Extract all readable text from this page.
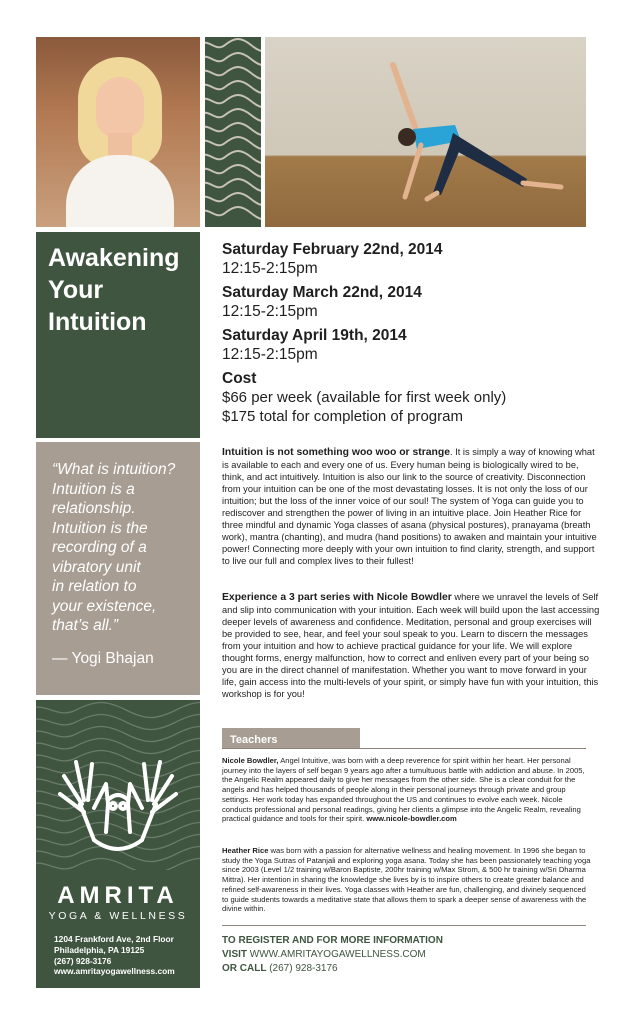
Awakening Your Intuition
“What is intuition?
Intuition is a
relationship.
Intuition is the
recording of a
vibratory unit
in relation to
your existence,
that’s all.”
— Yogi Bhajan
AMRITA
YOGA & WELLNESS
1204 Frankford Ave, 2nd Floor
Philadelphia, PA 19125
(267) 928-3176
www.amritayogawellness.com
Saturday February 22nd, 2014
12:15-2:15pm
Saturday March 22nd, 2014
12:15-2:15pm
Saturday April 19th, 2014
12:15-2:15pm
Cost
$66 per week (available for first week only)
$175 total for completion of program
Intuition is not something woo woo or strange. It is simply a way of knowing what is available to each and every one of us. Every human being is biologically wired to be, think, and act intuitively. Intuition is also our link to the source of creativity. Disconnection from your intuition can be one of the most devastating losses. It is not only the loss of our intuition; but the loss of the inner voice of our soul! The system of Yoga can guide you to rediscover and strengthen the power of living in an intuitive place. Join Heather Rice for three mindful and dynamic Yoga classes of asana (physical postures), pranayama (breath work), mantra (chanting), and mudra (hand positions) to awaken and maintain your intuitive power! Connecting more deeply with your own intuition to find clarity, strength, and support to live our full and complex lives to their fullest!
Experience a 3 part series with Nicole Bowdler where we unravel the levels of Self and slip into communication with your intuition. Each week will build upon the last accessing deeper levels of awareness and confidence. Meditation, personal and group exercises will be provided to see, hear, and feel your soul speak to you. Learn to discern the messages from your intuition and how to achieve practical guidance for your life. We will explore thought forms, energy malfunction, how to correct and enliven every part of your being so you are in the direct channel of manifestation. Whether you want to move forward in your life, gain access into the multi-levels of your spirit, or simply have fun with your intuition, this workshop is for you!
Teachers
Nicole Bowdler, Angel Intuitive, was born with a deep reverence for spirit within her heart. Her personal journey into the layers of self began 9 years ago after a tumultuous battle with addiction and abuse. In 2005, the Angelic Realm appeared daily to give her messages from the other side. She is a clear conduit for the angels and has helped thousands of people along in their personal journeys through private and group settings. Her work today has expanded throughout the US and continues to evolve each week. Nicole conducts professional and personal readings, giving her clients a glimpse into the Angelic Realm, revealing practical guidance and tools for their spirit. www.nicole-bowdler.com
Heather Rice was born with a passion for alternative wellness and healing movement. In 1996 she began to study the Yoga Sutras of Patanjali and exploring yoga asana. Today she has been passionately teaching yoga since 2003 (Level 1/2 training w/Baron Baptiste, 200hr training w/Max Strom, & 500 hr training w/Sri Dharma Mittra). Her intention in sharing the knowledge she lives by is to inspire others to create greater balance and refined self-awareness in their lives. Yoga classes with Heather are fun, challenging, and divinely sequenced to guide students towards a meditative state that allows them to spark a deeper sense of awareness with the divine within.
TO REGISTER AND FOR MORE INFORMATION
VISIT WWW.AMRITAYOGAWELLNESS.COM
OR CALL (267) 928-3176
